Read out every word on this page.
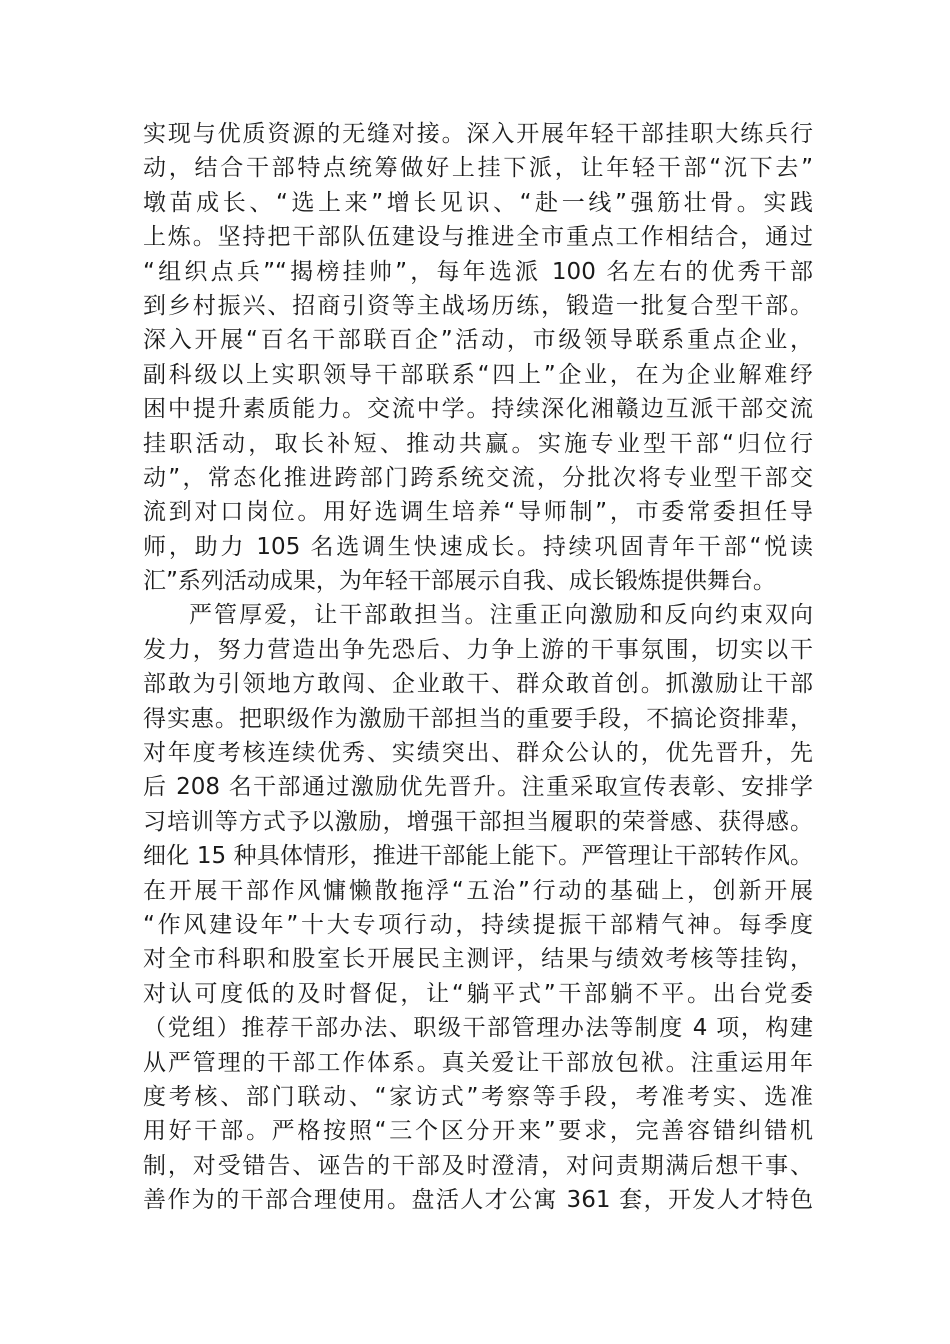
实现与优质资源的无缝对接。深入开展年轻干部挂职大练兵行
动，结合干部特点统筹做好上挂下派，让年轻干部“沉下去”
墩苗成长、“选上来”增长见识、“赴一线”强筋壮骨。实践
上炼。坚持把干部队伍建设与推进全市重点工作相结合，通过
“组织点兵”“揭榜挂帅”，每年选派 100 名左右的优秀干部
到乡村振兴、招商引资等主战场历练，锻造一批复合型干部。
深入开展“百名干部联百企”活动，市级领导联系重点企业，
副科级以上实职领导干部联系“四上”企业，在为企业解难纾
困中提升素质能力。交流中学。持续深化湘赣边互派干部交流
挂职活动，取长补短、推动共赢。实施专业型干部“归位行
动”，常态化推进跨部门跨系统交流，分批次将专业型干部交
流到对口岗位。用好选调生培养“导师制”，市委常委担任导
师，助力 105 名选调生快速成长。持续巩固青年干部“悦读
汇”系列活动成果，为年轻干部展示自我、成长锻炼提供舞台。
严管厚爱，让干部敢担当。注重正向激励和反向约束双向
发力，努力营造出争先恐后、力争上游的干事氛围，切实以干
部敢为引领地方敢闯、企业敢干、群众敢首创。抓激励让干部
得实惠。把职级作为激励干部担当的重要手段，不搞论资排辈，
对年度考核连续优秀、实绩突出、群众公认的，优先晋升，先
后 208 名干部通过激励优先晋升。注重采取宣传表彰、安排学
习培训等方式予以激励，增强干部担当履职的荣誉感、获得感。
细化 15 种具体情形，推进干部能上能下。严管理让干部转作风。
在开展干部作风慵懒散拖浮“五治”行动的基础上，创新开展
“作风建设年”十大专项行动，持续提振干部精气神。每季度
对全市科职和股室长开展民主测评，结果与绩效考核等挂钩，
对认可度低的及时督促，让“躺平式”干部躺不平。出台党委
（党组）推荐干部办法、职级干部管理办法等制度 4 项，构建
从严管理的干部工作体系。真关爱让干部放包袱。注重运用年
度考核、部门联动、“家访式”考察等手段，考准考实、选准
用好干部。严格按照“三个区分开来”要求，完善容错纠错机
制，对受错告、诬告的干部及时澄清，对问责期满后想干事、
善作为的干部合理使用。盘活人才公寓 361 套，开发人才特色
